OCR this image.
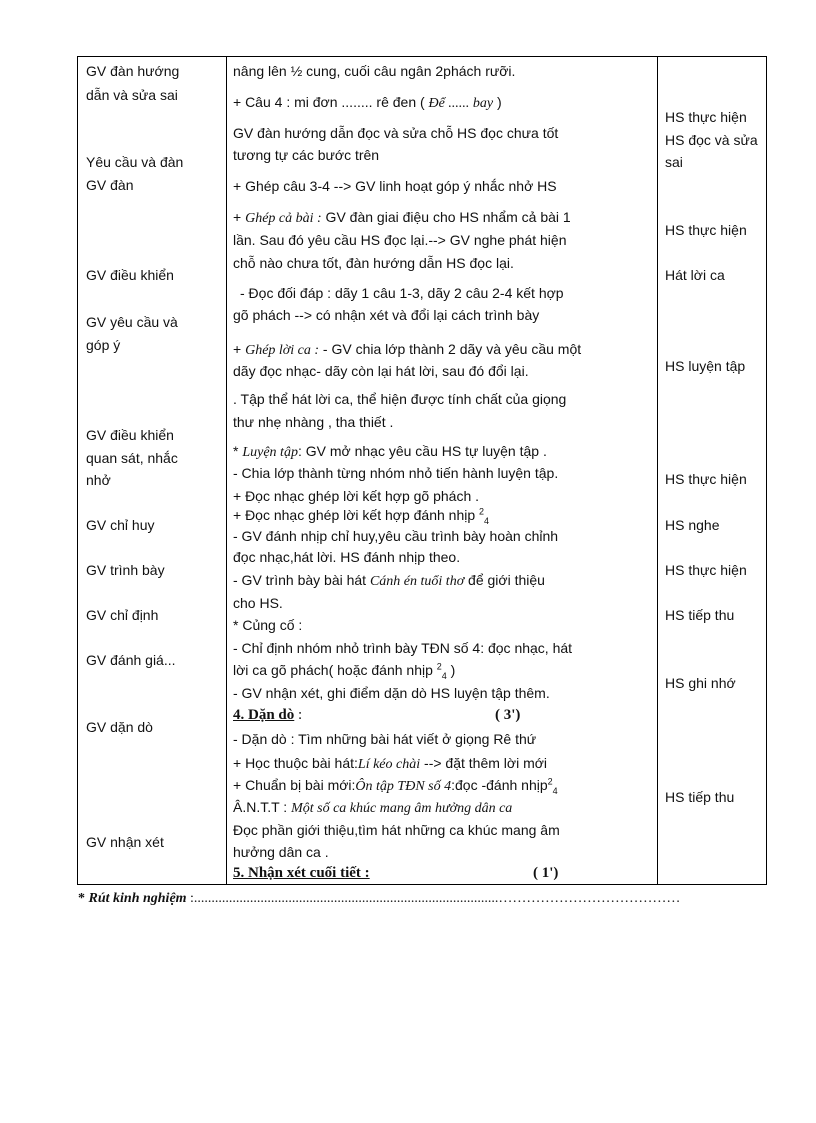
GV đàn hướng
dẫn và sửa sai
Yêu cầu và đàn
GV đàn
GV điều khiển
GV yêu cầu và
góp ý
GV điều khiển
quan sát, nhắc
nhở
GV chỉ huy
GV trình bày
GV chỉ định
GV đánh giá...
GV dặn dò
GV nhận xét
nâng lên ½ cung, cuối câu ngân 2phách rưỡi.
+ Câu 4 : mi đơn ........ rê đen ( Để ...... bay )
GV đàn hướng dẫn đọc và sửa chỗ HS đọc chưa tốt
tương tự các bước trên
+ Ghép câu 3-4 --> GV linh hoạt góp ý nhắc nhở HS
+ Ghép cả bài : GV đàn giai điệu cho HS nhẩm cả bài 1
lần. Sau đó yêu cầu HS đọc lại.--> GV nghe phát hiện
chỗ nào chưa tốt, đàn hướng dẫn HS đọc lại.
- Đọc đối đáp : dãy 1 câu 1-3, dãy 2 câu 2-4 kết hợp
gõ phách --> có nhận xét và đổi lại cách trình bày
+ Ghép lời ca : - GV chia lớp thành 2 dãy và yêu cầu một
dãy đọc nhạc- dãy còn lại hát lời, sau đó đổi lại.
. Tập thể hát lời ca, thể hiện được tính chất của giọng
thư nhẹ nhàng , tha thiết .
* Luyện tập: GV mở nhạc yêu cầu HS tự luyện tập .
- Chia lớp thành từng nhóm nhỏ tiến hành luyện tập.
+ Đọc nhạc ghép lời kết hợp gõ phách .
+ Đọc nhạc ghép lời kết hợp đánh nhịp $^2_4$
- GV đánh nhịp chỉ huy,yêu cầu trình bày hoàn chỉnh
đọc nhạc,hát lời. HS đánh nhịp theo.
- GV trình bày bài hát Cánh én tuổi thơ để giới thiệu
cho HS.
* Củng cố :
- Chỉ định nhóm nhỏ trình bày TĐN số 4: đọc nhạc, hát
lời ca gõ phách( hoặc đánh nhịp $^2_4$ )
- GV nhận xét, ghi điểm dặn dò HS luyện tập thêm.
4. Dặn dò :	( 3')
- Dặn dò : Tìm những bài hát viết ở giọng Rê thứ
+ Học thuộc bài hát:Lí kéo chài --> đặt thêm lời mới
+ Chuẩn bị bài mới:Ôn tập TĐN số 4:đọc -đánh nhịp$^2_4$
Â.N.T.T : Một số ca khúc mang âm hưởng dân ca
Đọc phần giới thiệu,tìm hát những ca khúc mang âm
hưởng dân ca .
5. Nhận xét cuối tiết :	( 1')
HS thực hiện
HS đọc và sửa
sai
HS thực hiện
Hát lời ca
HS luyện tập
HS thực hiện
HS nghe
HS thực hiện
HS tiếp thu
HS ghi nhớ
HS tiếp thu
* Rút kinh nghiệm :.......................................................................................…………………………………
